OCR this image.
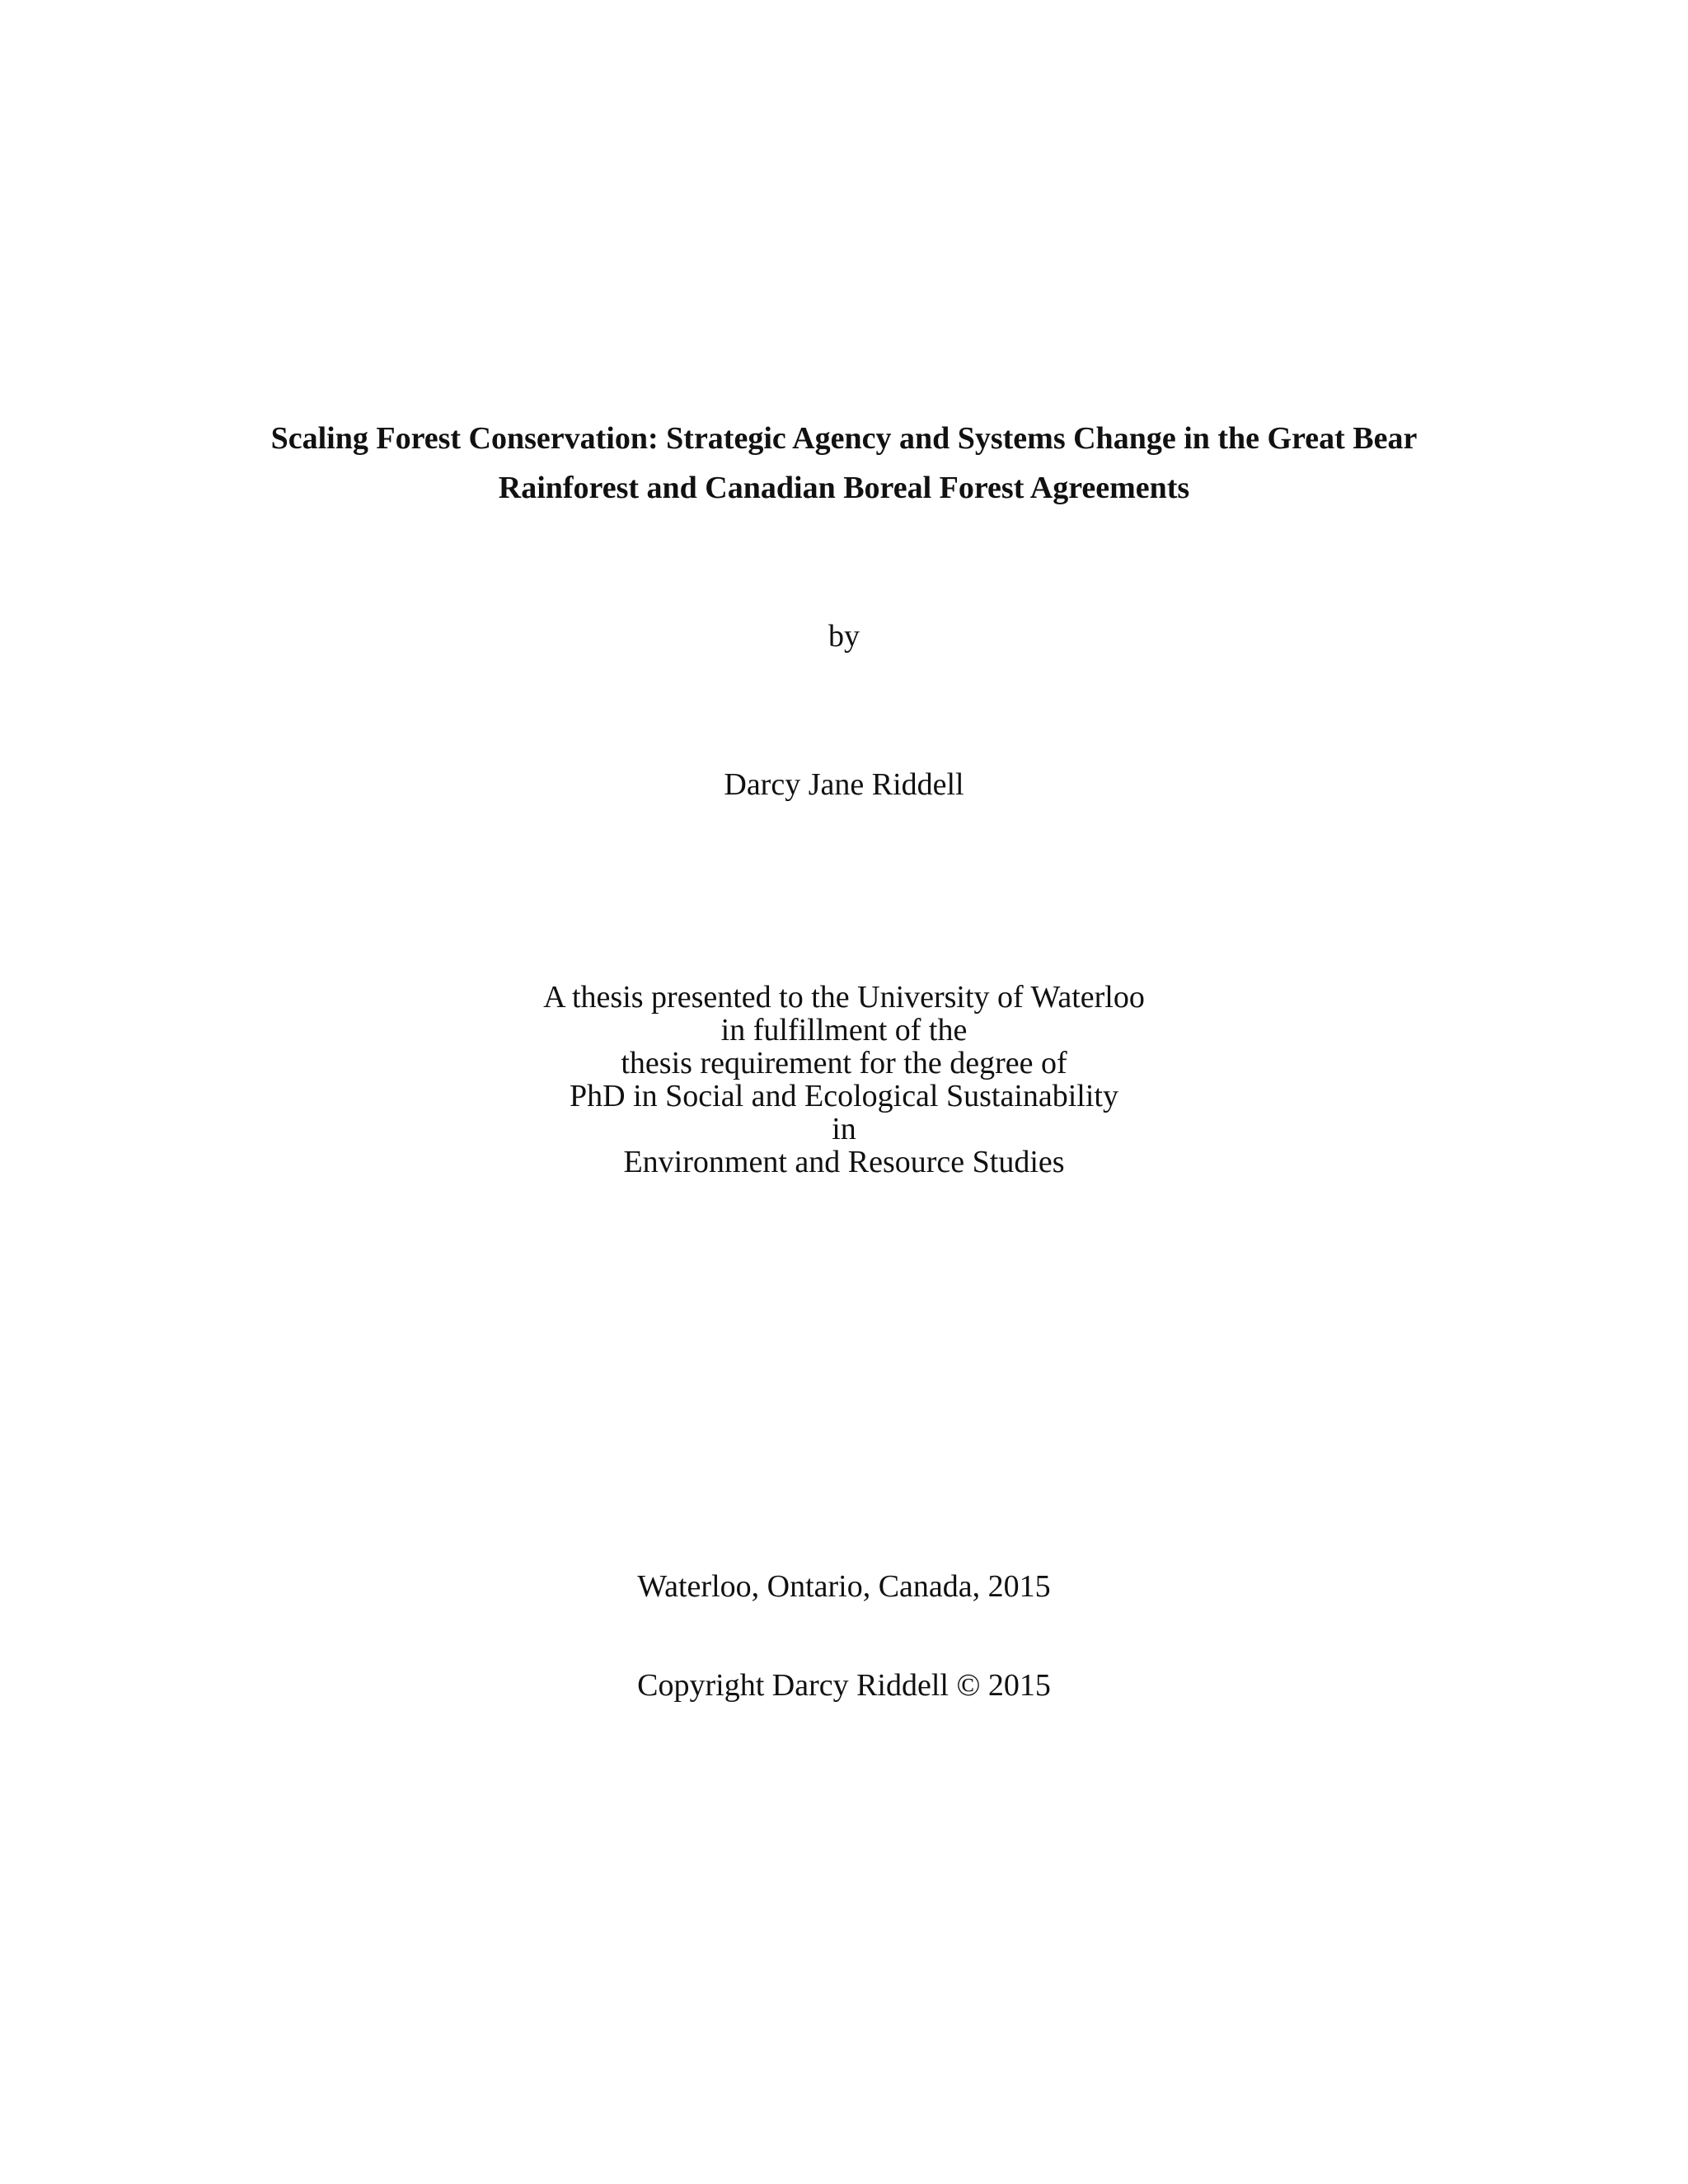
Scaling Forest Conservation: Strategic Agency and Systems Change in the Great Bear

Rainforest and Canadian Boreal Forest Agreements

by

Darcy Jane Riddell

A thesis presented to the University of Waterloo

in fulfillment of the

thesis requirement for the degree of

PhD in Social and Ecological Sustainability

in

Environment and Resource Studies

Waterloo, Ontario, Canada, 2015

Copyright Darcy Riddell © 2015
